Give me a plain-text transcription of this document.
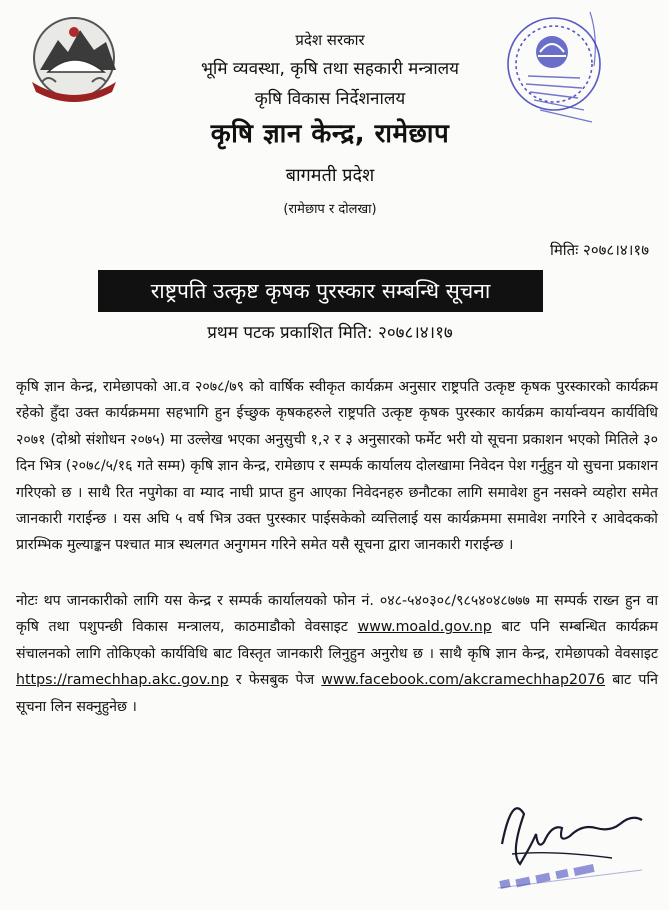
प्रदेश सरकार
भूमि व्यवस्था, कृषि तथा सहकारी मन्त्रालय
कृषि विकास निर्देशनालय
कृषि ज्ञान केन्द्र, रामेछाप
बागमती प्रदेश
(रामेछाप र दोलखा)
मितिः २०७८।४।१७
राष्ट्रपति उत्कृष्ट कृषक पुरस्कार सम्बन्धि सूचना
प्रथम पटक प्रकाशित मिति: २०७८।४।१७
कृषि ज्ञान केन्द्र, रामेछापको आ.व २०७८/७९ को वार्षिक स्वीकृत कार्यक्रम अनुसार राष्ट्रपति उत्कृष्ट कृषक पुरस्कारको कार्यक्रम रहेको हुँदा उक्त कार्यक्रममा सहभागि हुन ईच्छुक कृषकहरुले राष्ट्रपति उत्कृष्ट कृषक पुरस्कार कार्यक्रम कार्यान्वयन कार्यविधि २०७१ (दोश्रो संशोधन २०७५) मा उल्लेख भएका अनुसुची १,२ र ३ अनुसारको फर्मेट भरी यो सूचना प्रकाशन भएको मितिले ३० दिन भित्र (२०७८/५/१६ गते सम्म) कृषि ज्ञान केन्द्र, रामेछाप र सम्पर्क कार्यालय दोलखामा निवेदन पेश गर्नुहुन यो सुचना प्रकाशन गरिएको छ । साथै रित नपुगेका वा म्याद नाघी प्राप्त हुन आएका निवेदनहरु छनौटका लागि समावेश हुन नसक्ने व्यहोरा समेत जानकारी गराईन्छ । यस अघि ५ वर्ष भित्र उक्त पुरस्कार पाईसकेको व्यत्तिलाई यस कार्यक्रममा समावेश नगरिने र आवेदकको प्रारम्भिक मुल्याङ्कन पश्चात मात्र स्थलगत अनुगमन गरिने समेत यसै सूचना द्वारा जानकारी गराईन्छ ।
नोटः थप जानकारीको लागि यस केन्द्र र सम्पर्क कार्यालयको फोन नं. ०४८-५४०३०८/९८५४०४८७७७ मा सम्पर्क राख्न हुन वा कृषि तथा पशुपन्छी विकास मन्त्रालय, काठमाडौको वेवसाइट www.moald.gov.np बाट पनि सम्बन्धित कार्यक्रम संचालनको लागि तोकिएको कार्यविधि बाट विस्तृत जानकारी लिनुहुन अनुरोध छ । साथै कृषि ज्ञान केन्द्र, रामेछापको वेवसाइट https://ramechhap.akc.gov.np र फेसबुक पेज www.facebook.com/akcramechhap2076 बाट पनि सूचना लिन सक्नुहुनेछ ।
